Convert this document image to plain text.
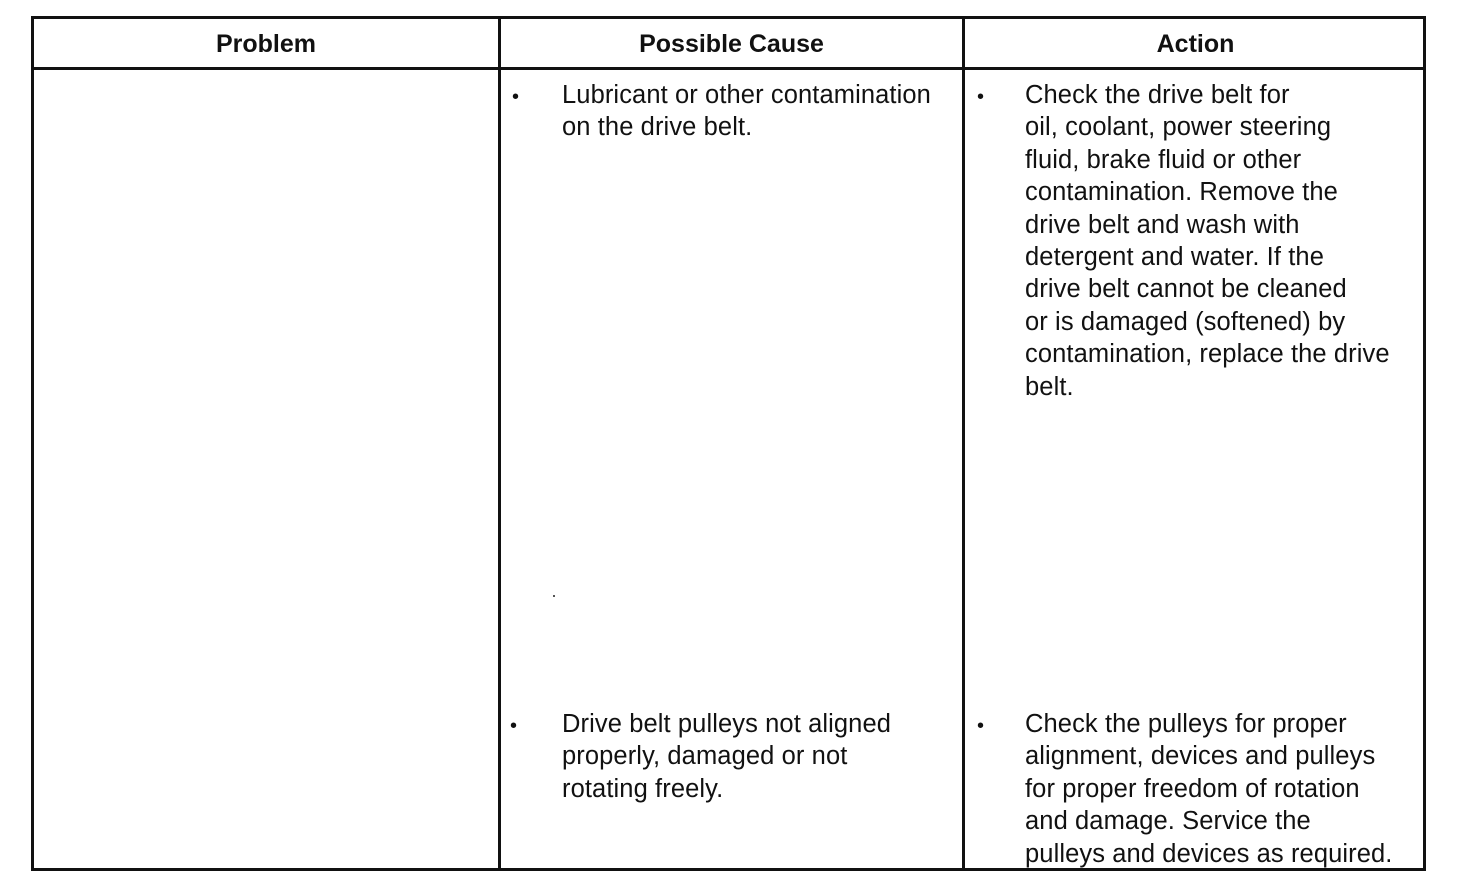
Problem	Possible Cause	Action
• Lubricant or other contamination
on the drive belt.
• Check the drive belt for
oil, coolant, power steering
fluid, brake fluid or other
contamination. Remove the
drive belt and wash with
detergent and water. If the
drive belt cannot be cleaned
or is damaged (softened) by
contamination, replace the drive
belt.
• Drive belt pulleys not aligned
properly, damaged or not
rotating freely.
• Check the pulleys for proper
alignment, devices and pulleys
for proper freedom of rotation
and damage. Service the
pulleys and devices as required.
